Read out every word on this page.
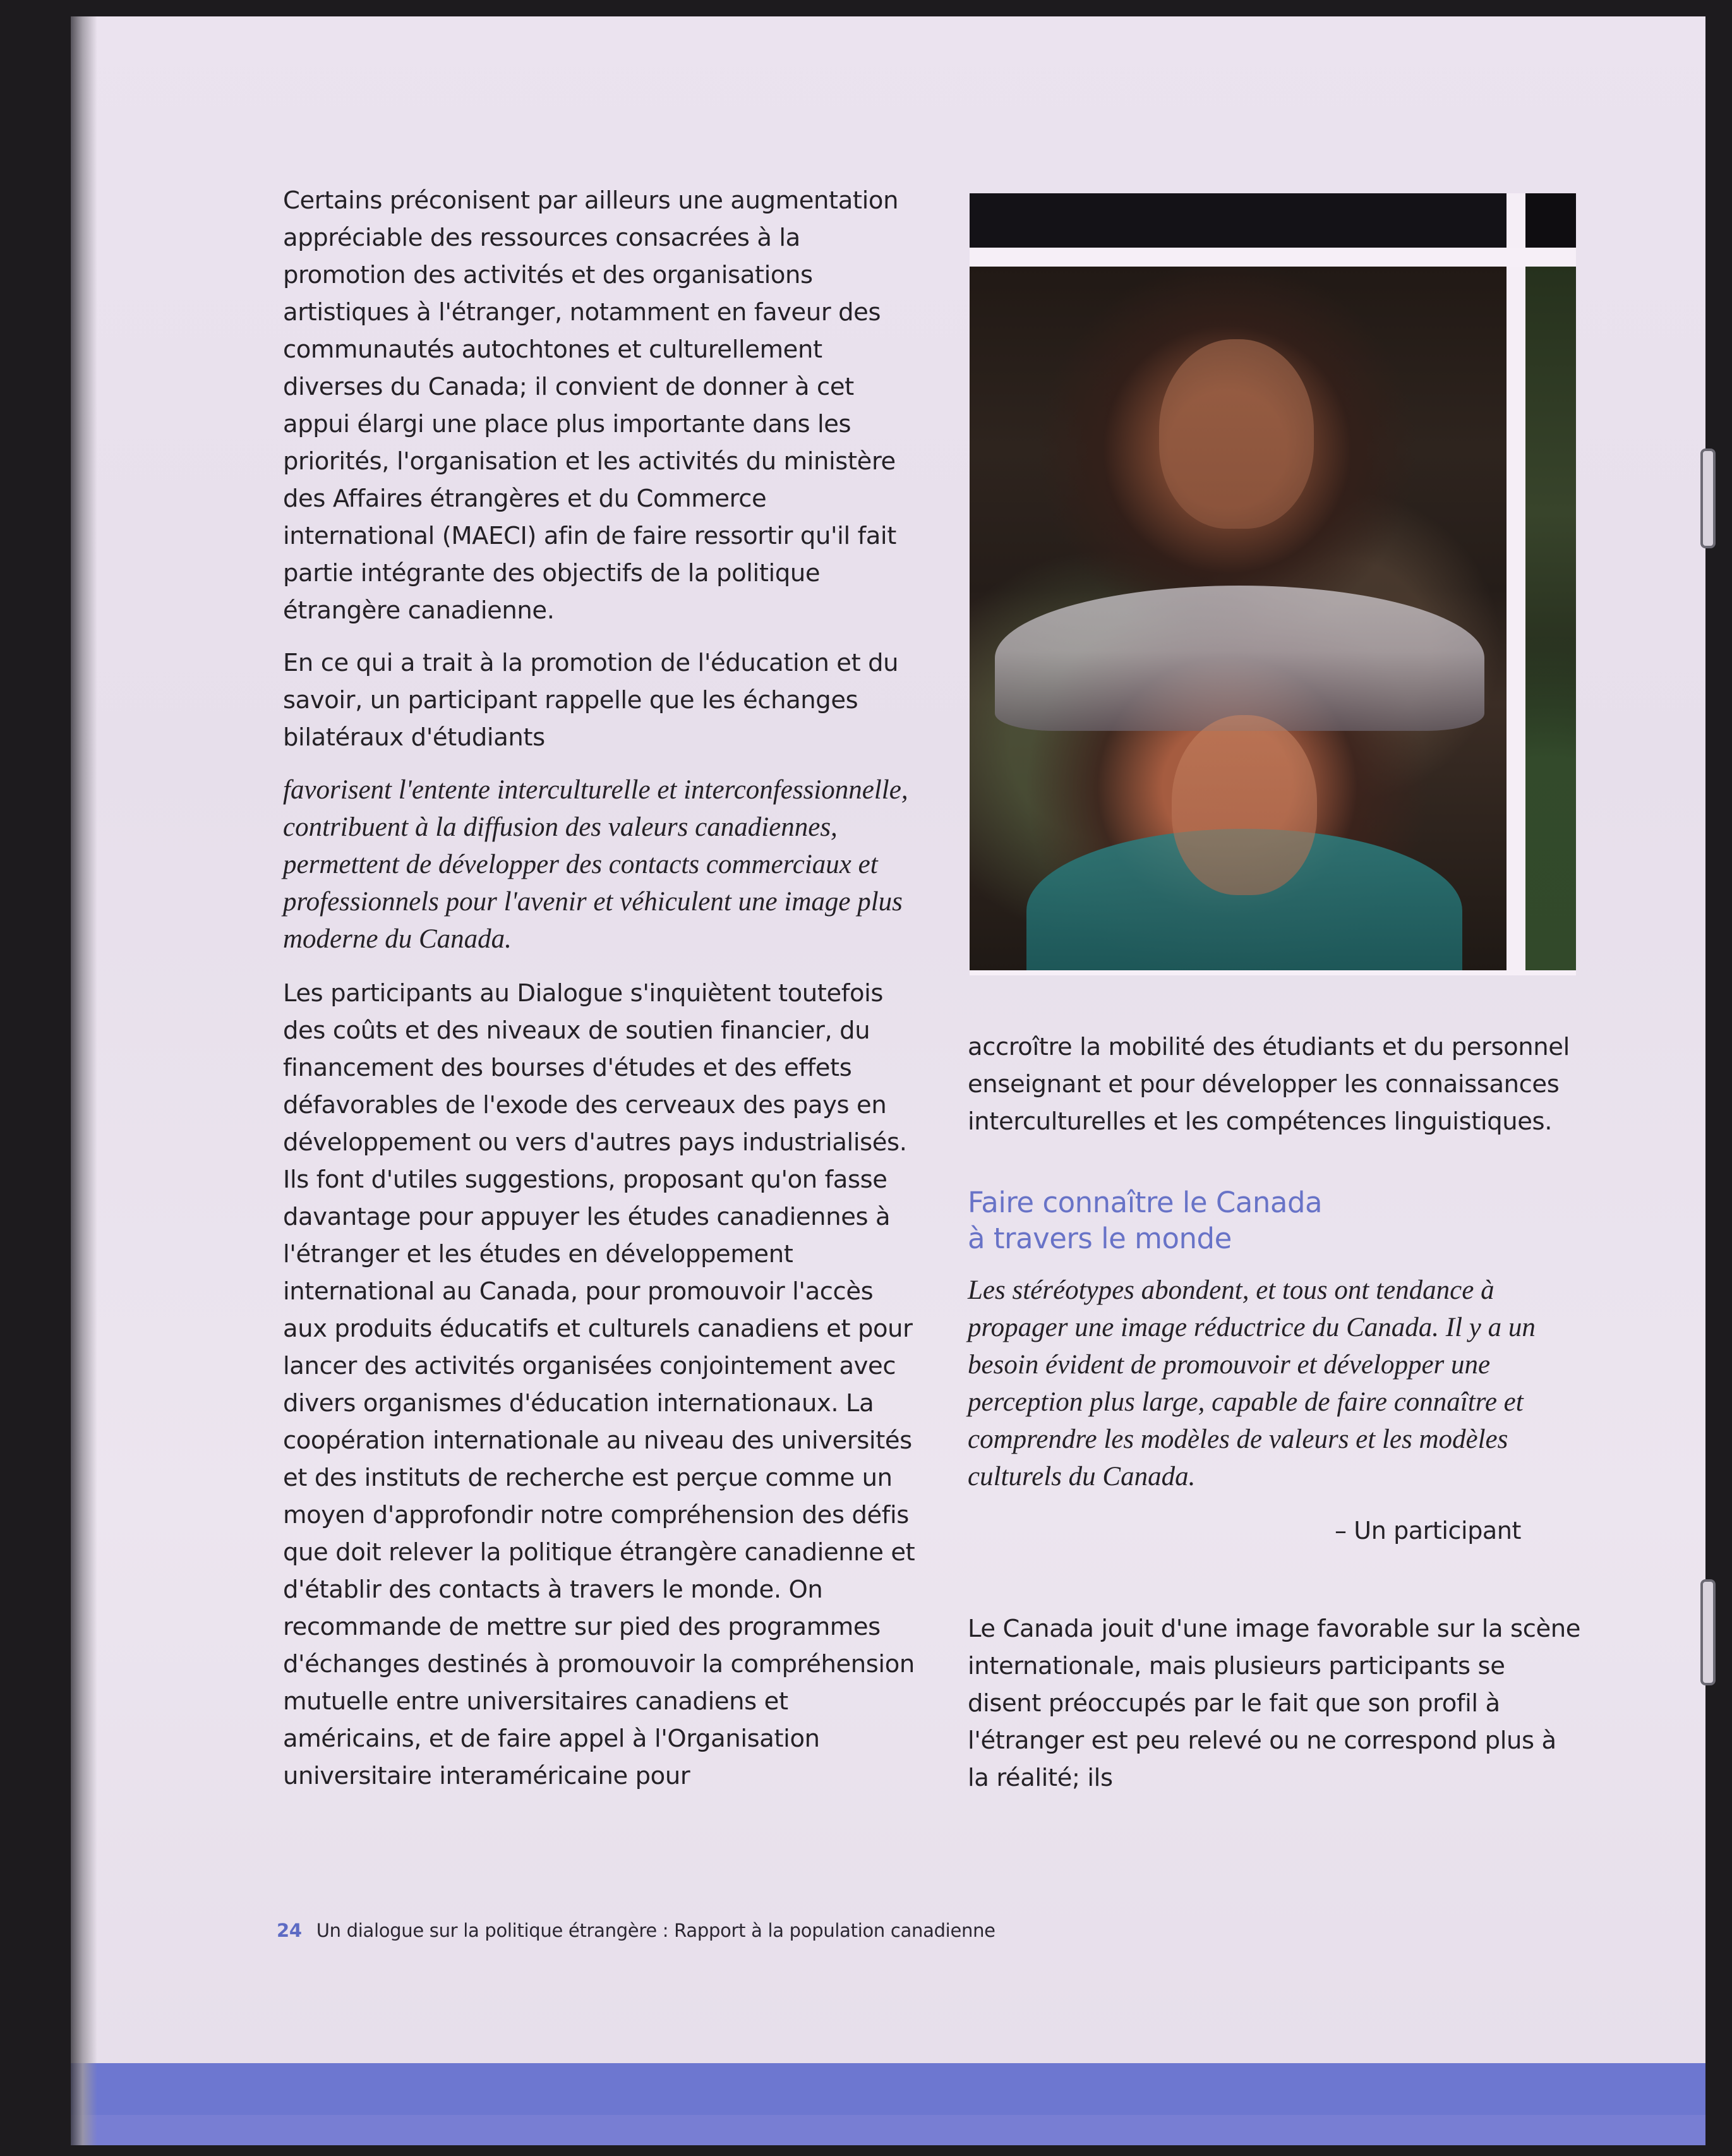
Certains préconisent par ailleurs une augmentation appréciable des ressources consacrées à la promotion des activités et des organisations artistiques à l'étranger, notamment en faveur des communautés autochtones et culturellement diverses du Canada; il convient de donner à cet appui élargi une place plus importante dans les priorités, l'organisation et les activités du ministère des Affaires étrangères et du Commerce international (MAECI) afin de faire ressortir qu'il fait partie intégrante des objectifs de la politique étrangère canadienne.

En ce qui a trait à la promotion de l'éducation et du savoir, un participant rappelle que les échanges bilatéraux d'étudiants

favorisent l'entente interculturelle et interconfessionnelle, contribuent à la diffusion des valeurs canadiennes, permettent de développer des contacts commerciaux et professionnels pour l'avenir et véhiculent une image plus moderne du Canada.

Les participants au Dialogue s'inquiètent toutefois des coûts et des niveaux de soutien financier, du financement des bourses d'études et des effets défavorables de l'exode des cerveaux des pays en développement ou vers d'autres pays industrialisés. Ils font d'utiles suggestions, proposant qu'on fasse davantage pour appuyer les études canadiennes à l'étranger et les études en développement international au Canada, pour promouvoir l'accès aux produits éducatifs et culturels canadiens et pour lancer des activités organisées conjointement avec divers organismes d'éducation internationaux. La coopération internationale au niveau des universités et des instituts de recherche est perçue comme un moyen d'approfondir notre compréhension des défis que doit relever la politique étrangère canadienne et d'établir des contacts à travers le monde. On recommande de mettre sur pied des programmes d'échanges destinés à promouvoir la compréhension mutuelle entre universitaires canadiens et américains, et de faire appel à l'Organisation universitaire interaméricaine pour

accroître la mobilité des étudiants et du personnel enseignant et pour développer les connaissances interculturelles et les compétences linguistiques.

Faire connaître le Canada
à travers le monde

Les stéréotypes abondent, et tous ont tendance à propager une image réductrice du Canada. Il y a un besoin évident de promouvoir et développer une perception plus large, capable de faire connaître et comprendre les modèles de valeurs et les modèles culturels du Canada.

– Un participant

Le Canada jouit d'une image favorable sur la scène internationale, mais plusieurs participants se disent préoccupés par le fait que son profil à l'étranger est peu relevé ou ne correspond plus à la réalité; ils

24 Un dialogue sur la politique étrangère : Rapport à la population canadienne
